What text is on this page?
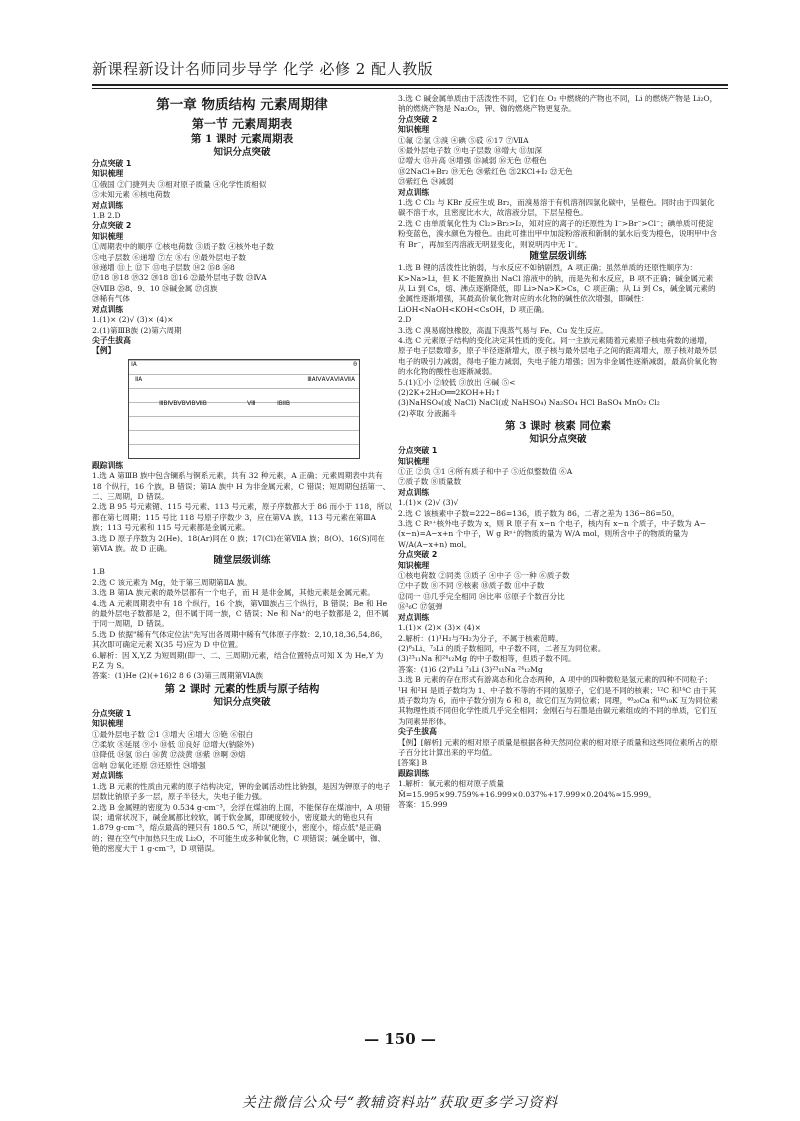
新课程新设计名师同步导学 化学 必修 2 配人教版
第一章 物质结构 元素周期律
第一节 元素周期表
第 1 课时 元素周期表
知识分点突破

分点突破 1

知识梳理

①俄国 ②门捷列夫 ③相对原子质量 ④化学性质相似

⑤未知元素 ⑥核电荷数

对点训练

1.B 2.D

分点突破 2

知识梳理

①周期表中的顺序 ②核电荷数 ③质子数 ④核外电子数

⑤电子层数 ⑥递增 ⑦左 ⑧右 ⑨最外层电子数

⑩递增 ⑪上 ⑫下 ⑬电子层数 ⑭2 ⑮8 ⑯8

⑰18 ⑱18 ⑲32 ⑳18 ㉑16 ㉒最外层电子数 ㉓ⅣA

㉔ⅦB ㉕8、9、10 ㉖碱金属 ㉗卤族

㉘稀有气体

对点训练

1.(1)× (2)√ (3)× (4)×

2.(1)第ⅢB族 (2)第六周期

尖子生拔高

【例】

ⅠA	0
ⅡA	ⅢAⅣAⅤAⅥAⅦA
ⅢBⅣBⅤBⅥBⅦB	Ⅷ	ⅠBⅡB

跟踪训练

1.选 A 第ⅢB 族中包含镧系与锕系元素，共有 32 种元素，A 正确；元素周期表中共有 18 个纵行，16 个族，B 错误；第ⅠA 族中 H 为非金属元素，C 错误；短周期包括第一、二、三周期，D 错误。

2.选 B 95 号元素镅、115 号元素、113 号元素，原子序数都大于 86 而小于 118，所以都在第七周期；115 号比 118 号原子序数少 3，应在第ⅤA 族，113 号元素在第ⅢA 族；113 号元素和 115 号元素都是金属元素。

3.选 D 原子序数为 2(He)、18(Ar)同在 0 族；17(Cl)在第ⅦA 族；8(O)、16(S)同在第ⅥA 族。故 D 正确。

随堂层级训练

1.B

2.选 C 该元素为 Mg，处于第三周期第ⅡA 族。

3.选 B 第ⅠA 族元素的最外层都有一个电子，而 H 是非金属，其他元素是金属元素。

4.选 A 元素周期表中有 18 个纵行，16 个族，第Ⅷ族占三个纵行，B 错误；Be 和 He 的最外层电子数都是 2，但不属于同一族，C 错误；Ne 和 Na⁺的电子数都是 2，但不属于同一周期，D 错误。

5.选 D 依据"稀有气体定位法"先写出各周期中稀有气体原子序数：2,10,18,36,54,86，其次即可确定元素 X(35 号)应为 D 中位置。

6.解析：因 X,Y,Z 为短周期(即一、二、三周期)元素，结合位置特点可知 X 为 He,Y 为 F,Z 为 S。

答案：(1)He (2)(+16)2 8 6 (3)第三周期第ⅥA族

第 2 课时 元素的性质与原子结构
知识分点突破

分点突破 1

知识梳理

①最外层电子数 ②1 ③增大 ④增大 ⑤铯 ⑥银白

⑦柔软 ⑧延展 ⑨小 ⑩低 ⑪良好 ⑫增大(钠除外)

⑬降低 ⑭氢 ⑮白 ⑯黄 ⑰淡黄 ⑱紫 ⑲啊 ⑳熔

㉑响 ㉒氧化还原 ㉓还原性 ㉔增强

对点训练

1.选 B 元素的性质由元素的原子结构决定，钾的金属活动性比钠强，是因为钾原子的电子层数比钠原子多一层，原子半径大，失电子能力强。

2.选 B 金属锂的密度为 0.534 g·cm⁻³，会浮在煤油的上面，不能保存在煤油中，A 项错误；通常状况下，碱金属都比较软，属于软金属，即硬度较小，密度最大的铯也只有 1.879 g·cm⁻³，熔点最高的锂只有 180.5 ℃，所以"硬度小，密度小，熔点低"是正确的；锂在空气中加热只生成 Li₂O，不可能生成多种氧化物，C 项错误；碱金属中，铷、铯的密度大于 1 g·cm⁻³，D 项错误。

3.选 C 碱金属单质由于活泼性不同，它们在 O₂ 中燃烧的产物也不同，Li 的燃烧产物是 Li₂O，钠的燃烧产物是 Na₂O₂，钾、铷的燃烧产物更复杂。

分点突破 2

知识梳理

①氟 ②氯 ③溴 ④碘 ⑤砹 ⑥17 ⑦ⅦA

⑧最外层电子数 ⑨电子层数 ⑩增大 ⑪加深

⑫增大 ⑬升高 ⑭增强 ⑮减弱 ⑯无色 ⑰橙色

⑱2NaCl+Br₂ ⑲无色 ⑳紫红色 ㉑2KCl+I₂ ㉒无色

㉓紫红色 ㉔减弱

对点训练

1.选 C Cl₂ 与 KBr 反应生成 Br₂，而溴易溶于有机溶剂四氯化碳中，呈橙色。同时由于四氯化碳不溶于水，且密度比水大，故溶液分层，下层呈橙色。

2.选 C 由单质氧化性为 Cl₂>Br₂>I₂，知对应的离子的还原性为 I⁻>Br⁻>Cl⁻；碘单质可使淀粉变蓝色，溴水颜色为橙色。由此可推出甲中加淀粉溶液和新制的氯水后变为橙色，说明甲中含有 Br⁻，再加至丙溶液无明显变化，则说明丙中无 I⁻。

随堂层级训练

1.选 B 锂的活泼性比钠弱，与水反应不如钠剧烈，A 项正确；虽然单质的还原性顺序为：K>Na>Li，但 K 不能置换出 NaCl 溶液中的钠，而是先和水反应，B 项不正确；碱金属元素从 Li 到 Cs，熔、沸点逐渐降低，即 Li>Na>K>Cs，C 项正确；从 Li 到 Cs，碱金属元素的金属性逐渐增强，其最高价氧化物对应的水化物的碱性依次增强，即碱性：LiOH<NaOH<KOH<CsOH，D 项正确。

2.D

3.选 C 溴易腐蚀橡胶，高温下溴蒸气易与 Fe、Cu 发生反应。

4.选 C 元素原子结构的变化决定其性质的变化。同一主族元素随着元素原子核电荷数的递增，原子电子层数增多，原子半径逐渐增大，原子核与最外层电子之间的距离增大，原子核对最外层电子的吸引力减弱，得电子能力减弱，失电子能力增强；因为非金属性逐渐减弱，最高价氧化物的水化物的酸性也逐渐减弱。

5.(1)①小 ②较低 ③放出 ④碱 ⑤<

(2)2K+2H₂O══2KOH+H₂↑

(3)NaHSO₄(或 NaCl) NaCl(或 NaHSO₄) Na₂SO₄ HCl BaSO₄ MnO₂ Cl₂

(2)萃取 分液漏斗

第 3 课时 核素 同位素
知识分点突破

分点突破 1

知识梳理

①正 ②负 ③1 ④所有质子和中子 ⑤近似整数值 ⑥A

⑦质子数 ⑧质量数

对点训练

1.(1)× (2)√ (3)√

2.选 C 该核素中子数=222−86=136，质子数为 86，二者之差为 136−86=50。

3.选 C Rⁿ⁺核外电子数为 x，则 R 原子有 x−n 个电子，核内有 x−n 个质子，中子数为 A−(x−n)=A−x+n 个中子，W g Rⁿ⁺的物质的量为 W/A mol，则所含中子的物质的量为 W/A(A−x+n) mol。

分点突破 2

知识梳理

①核电荷数 ②同类 ③质子 ④中子 ⑤一种 ⑥质子数

⑦中子数 ⑧不同 ⑨核素 ⑩质子数 ⑪中子数

⑫同一 ⑬几乎完全相同 ⑭比率 ⑮原子个数百分比

⑯¹₆C ⑰氢弹

对点训练

1.(1)× (2)× (3)× (4)×

2.解析：(1)¹H₂与²H₂为分子，不属于核素范畴。

(2)⁶₃Li、⁷₃Li 的质子数相同，中子数不同，二者互为同位素。

(3)²³₁₁Na 和²⁴₁₂Mg 的中子数相等，但质子数不同。

答案：(1)6 (2)⁶₃Li ⁷₃Li (3)²³₁₁Na ²⁴₁₂Mg

3.选 B 元素的存在形式有游离态和化合态两种，A 项中的四种微粒是氢元素的四种不同粒子；¹H 和²H 是质子数均为 1、中子数不等的不同的氢原子，它们是不同的核素；¹²C 和¹⁴C 由于其质子数均为 6，而中子数分别为 6 和 8，故它们互为同位素；同理，⁴⁰₂₀Ca 和⁴⁰₁₉K 互为同位素其物理性质不同但化学性质几乎完全相同；金刚石与石墨是由碳元素组成的不同的单质，它们互为同素异形体。

尖子生拔高

【例】[解析] 元素的相对原子质量是根据各种天然同位素的相对原子质量和这些同位素所占的原子百分比计算出来的平均值。

[答案] B

跟踪训练

1.解析：氧元素的相对原子质量 M̄=15.995×99.759%+16.999×0.037%+17.999×0.204%≈15.999。

答案：15.999

— 150 —
关注微信公众号“教辅资料站”获取更多学习资料
